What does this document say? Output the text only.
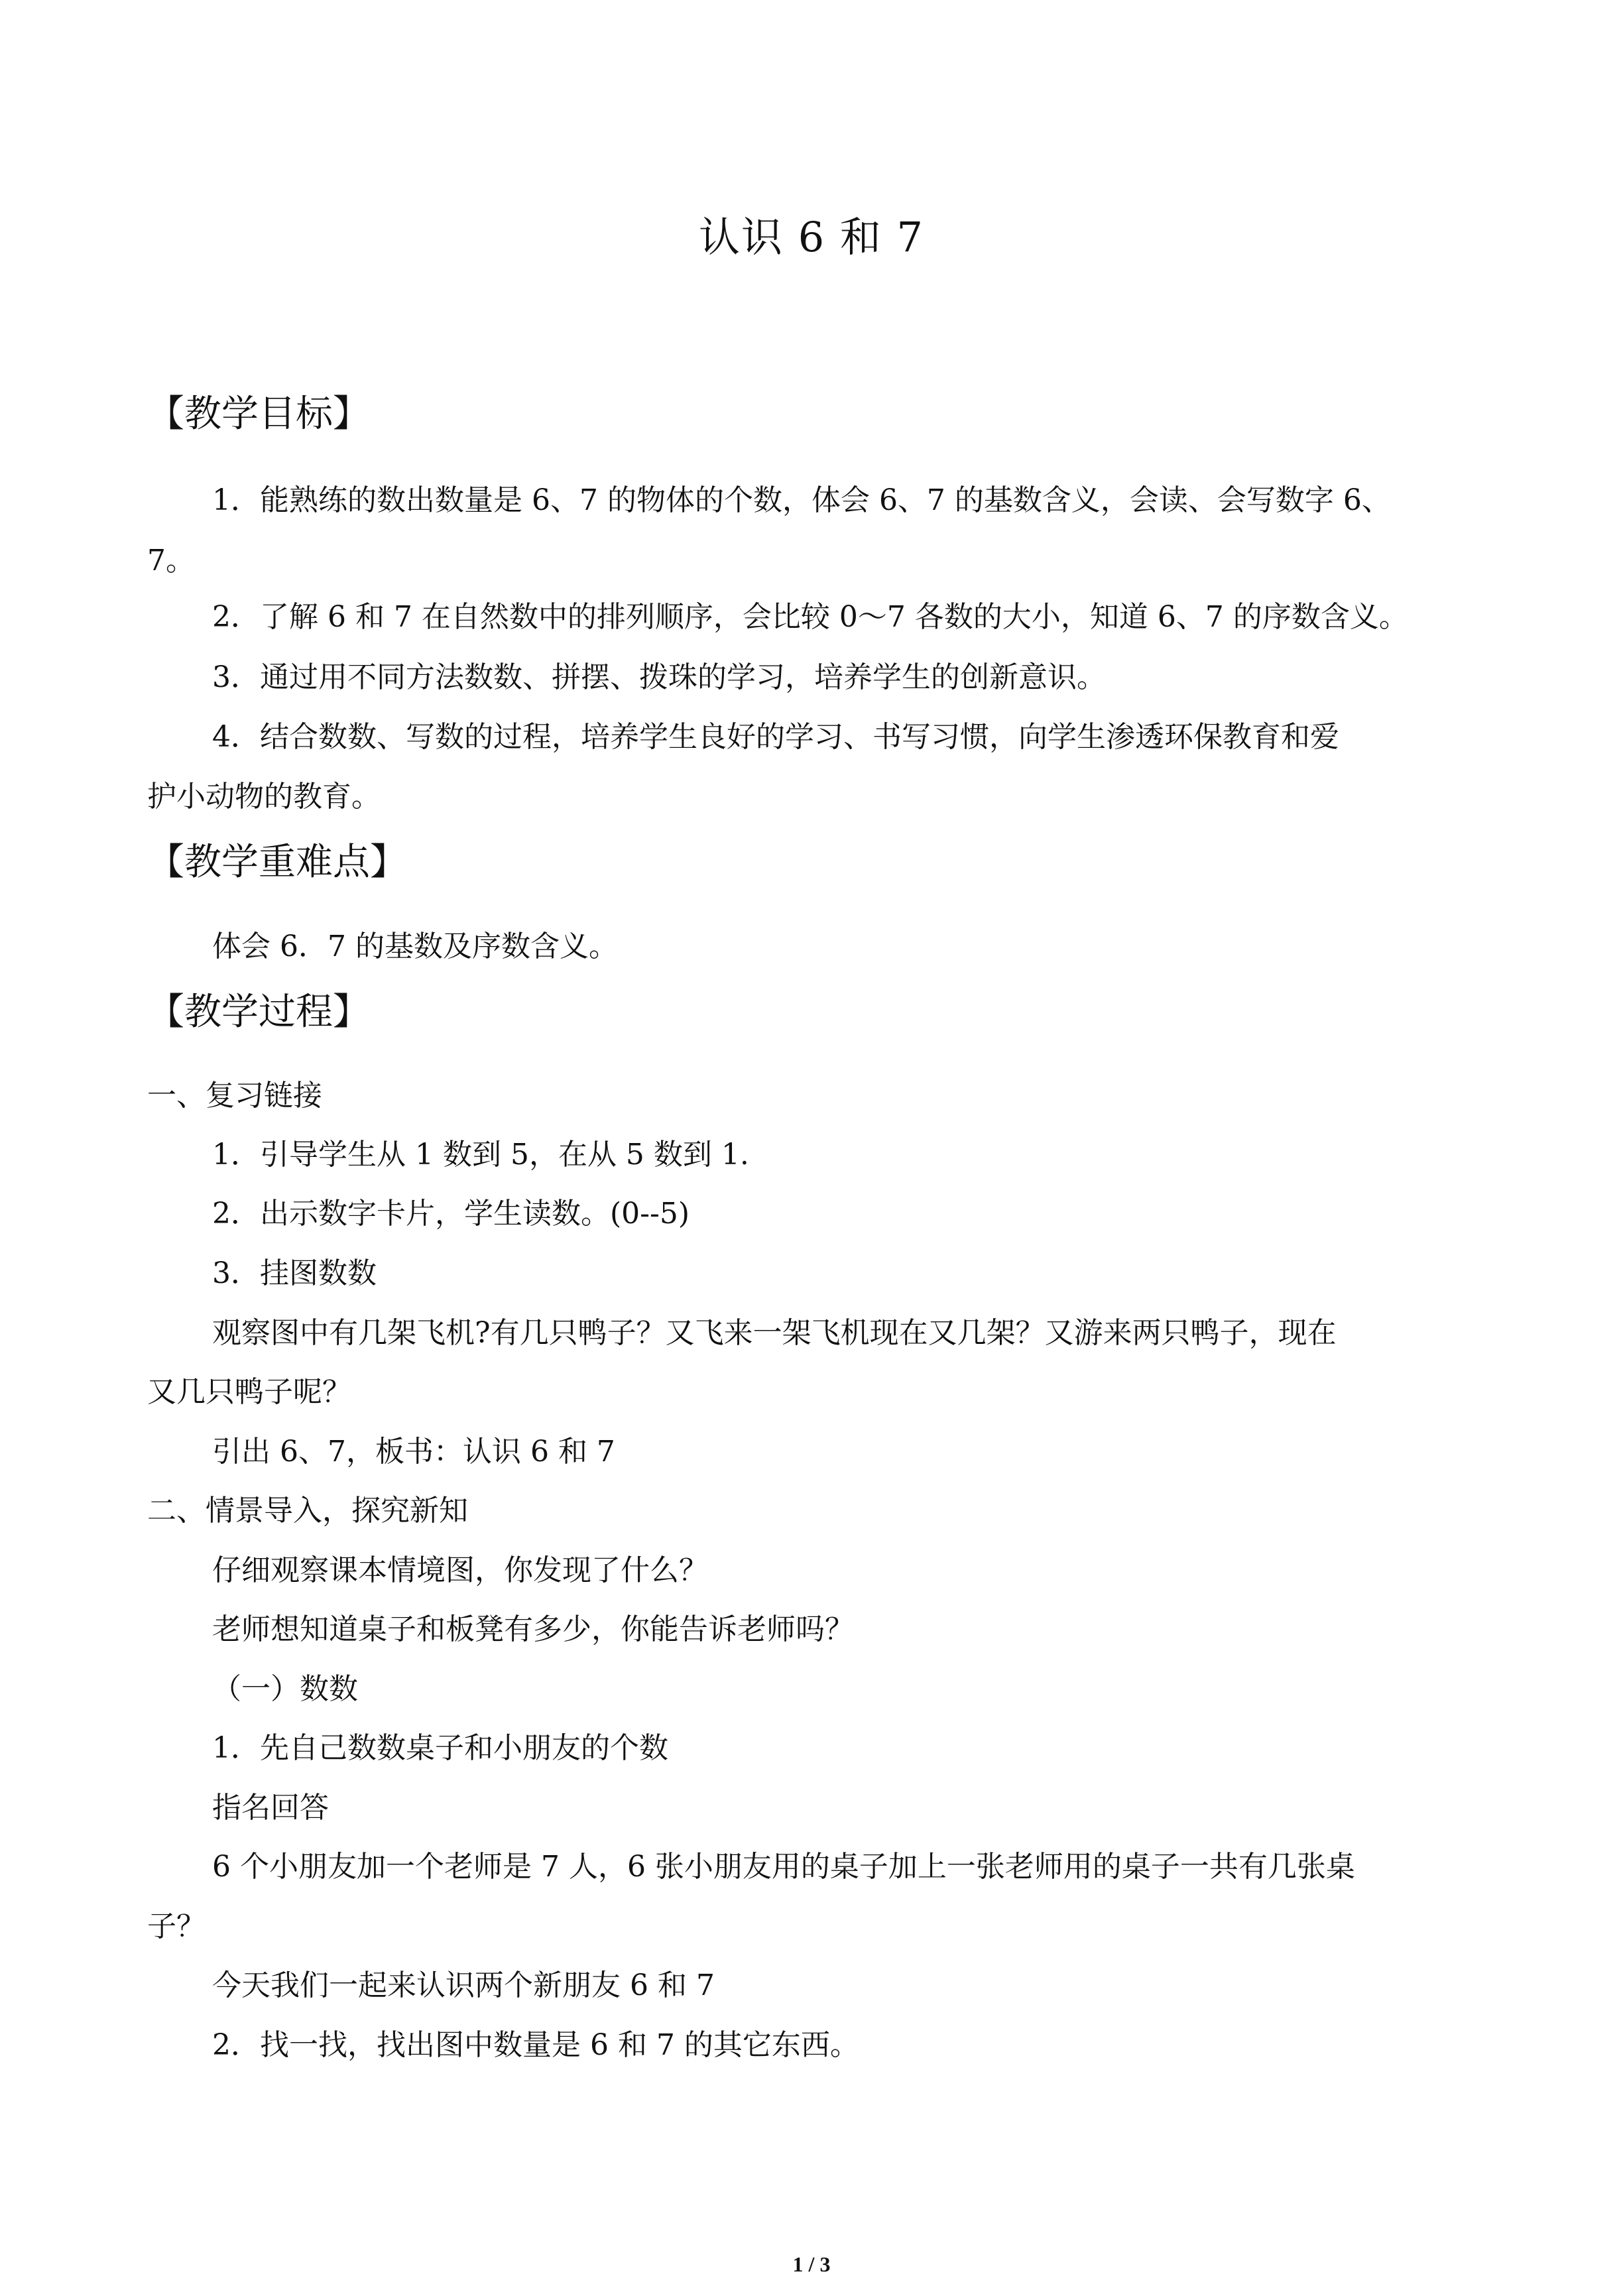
认识 6 和 7
【教学目标】
1．能熟练的数出数量是 6、7 的物体的个数，体会 6、7 的基数含义，会读、会写数字 6、
7。
2．了解 6 和 7 在自然数中的排列顺序，会比较 0～7 各数的大小，知道 6、7 的序数含义。
3．通过用不同方法数数、拼摆、拨珠的学习，培养学生的创新意识。
4．结合数数、写数的过程，培养学生良好的学习、书写习惯，向学生渗透环保教育和爱
护小动物的教育。
【教学重难点】
体会 6．7 的基数及序数含义。
【教学过程】
一、复习链接
1．引导学生从 1 数到 5，在从 5 数到 1.
2．出示数字卡片，学生读数。(0--5)
3．挂图数数
观察图中有几架飞机?有几只鸭子？又飞来一架飞机现在又几架？又游来两只鸭子，现在
又几只鸭子呢？
引出 6、7，板书：认识 6 和 7
二、情景导入，探究新知
仔细观察课本情境图，你发现了什么？
老师想知道桌子和板凳有多少，你能告诉老师吗？
（一）数数
1．先自己数数桌子和小朋友的个数
指名回答
6 个小朋友加一个老师是 7 人，6 张小朋友用的桌子加上一张老师用的桌子一共有几张桌
子？
今天我们一起来认识两个新朋友 6 和 7
2．找一找，找出图中数量是 6 和 7 的其它东西。
1 / 3
